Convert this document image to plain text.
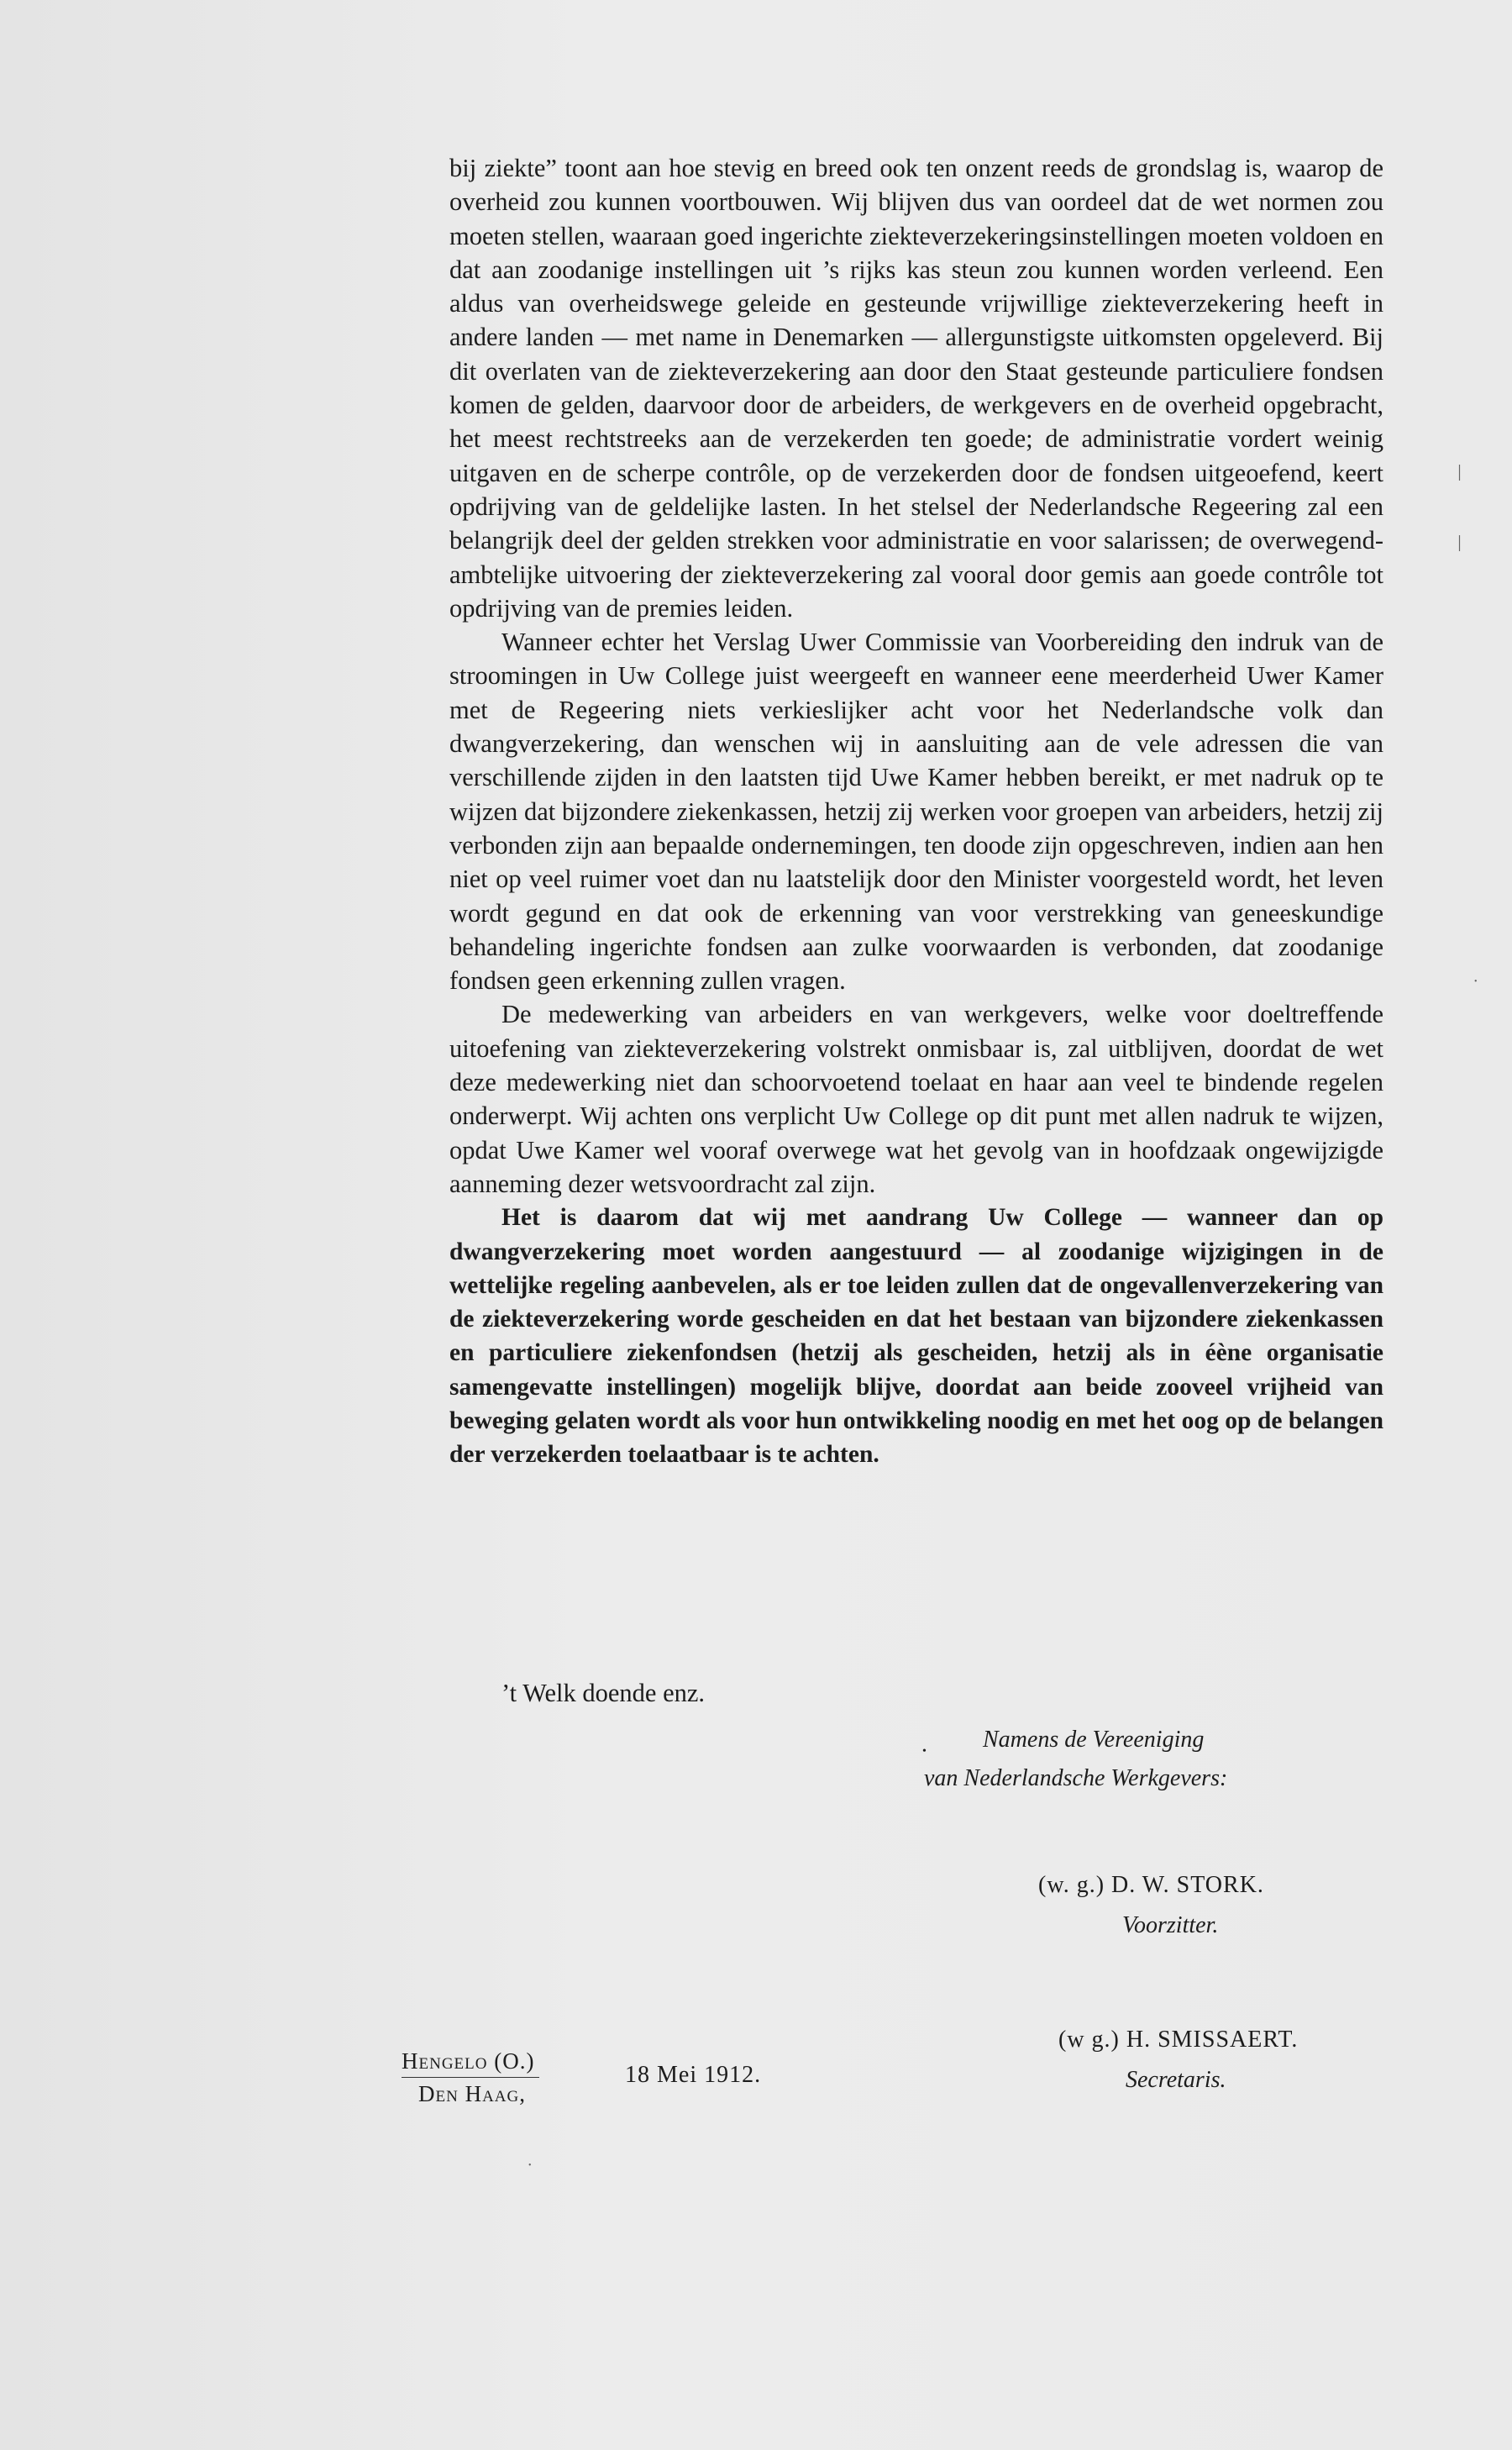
bij ziekte” toont aan hoe stevig en breed ook ten onzent reeds de grondslag is, waarop de overheid zou kunnen voortbouwen. Wij blijven dus van oordeel dat de wet normen zou moeten stellen, waaraan goed ingerichte ziekteverzekeringsinstellingen moeten voldoen en dat aan zoodanige instellingen uit ’s rijks kas steun zou kunnen worden verleend. Een aldus van overheidswege geleide en gesteunde vrijwillige ziekteverzekering heeft in andere landen — met name in Denemarken — allergunstigste uitkomsten opgeleverd. Bij dit overlaten van de ziekteverzekering aan door den Staat gesteunde particuliere fondsen komen de gelden, daarvoor door de arbeiders, de werkgevers en de overheid opgebracht, het meest rechtstreeks aan de verzekerden ten goede; de administratie vordert weinig uitgaven en de scherpe contrôle, op de verzekerden door de fondsen uitgeoefend, keert opdrijving van de geldelijke lasten. In het stelsel der Nederlandsche Regeering zal een belangrijk deel der gelden strekken voor administratie en voor salarissen; de overwegend-ambtelijke uitvoering der ziekteverzekering zal vooral door gemis aan goede contrôle tot opdrijving van de premies leiden.

Wanneer echter het Verslag Uwer Commissie van Voorbereiding den indruk van de stroomingen in Uw College juist weergeeft en wanneer eene meerderheid Uwer Kamer met de Regeering niets verkieslijker acht voor het Nederlandsche volk dan dwangverzekering, dan wenschen wij in aansluiting aan de vele adressen die van verschillende zijden in den laatsten tijd Uwe Kamer hebben bereikt, er met nadruk op te wijzen dat bijzondere ziekenkassen, hetzij zij werken voor groepen van arbeiders, hetzij zij verbonden zijn aan bepaalde ondernemingen, ten doode zijn opgeschreven, indien aan hen niet op veel ruimer voet dan nu laatstelijk door den Minister voorgesteld wordt, het leven wordt gegund en dat ook de erkenning van voor verstrekking van geneeskundige behandeling ingerichte fondsen aan zulke voorwaarden is verbonden, dat zoodanige fondsen geen erkenning zullen vragen.

De medewerking van arbeiders en van werkgevers, welke voor doeltreffende uitoefening van ziekteverzekering volstrekt onmisbaar is, zal uitblijven, doordat de wet deze medewerking niet dan schoorvoetend toelaat en haar aan veel te bindende regelen onderwerpt. Wij achten ons verplicht Uw College op dit punt met allen nadruk te wijzen, opdat Uwe Kamer wel vooraf overwege wat het gevolg van in hoofdzaak ongewijzigde aanneming dezer wetsvoordracht zal zijn.

Het is daarom dat wij met aandrang Uw College — wanneer dan op dwangverzekering moet worden aangestuurd — al zoodanige wijzigingen in de wettelijke regeling aanbevelen, als er toe leiden zullen dat de ongevallenverzekering van de ziekteverzekering worde gescheiden en dat het bestaan van bijzondere ziekenkassen en particuliere ziekenfondsen (hetzij als gescheiden, hetzij als in éène organisatie samengevatte instellingen) mogelijk blijve, doordat aan beide zooveel vrijheid van beweging gelaten wordt als voor hun ontwikkeling noodig en met het oog op de belangen der verzekerden toelaatbaar is te achten.

’t Welk doende enz.
•	Namens de Vereeniging
van Nederlandsche Werkgevers:
(w. g.) D. W. STORK.
Voorzitter.
Hengelo (O.)
Den Haag,
18 Mei 1912.
(w g.) H. SMISSAERT.
Secretaris.
׀
׀
•
•
